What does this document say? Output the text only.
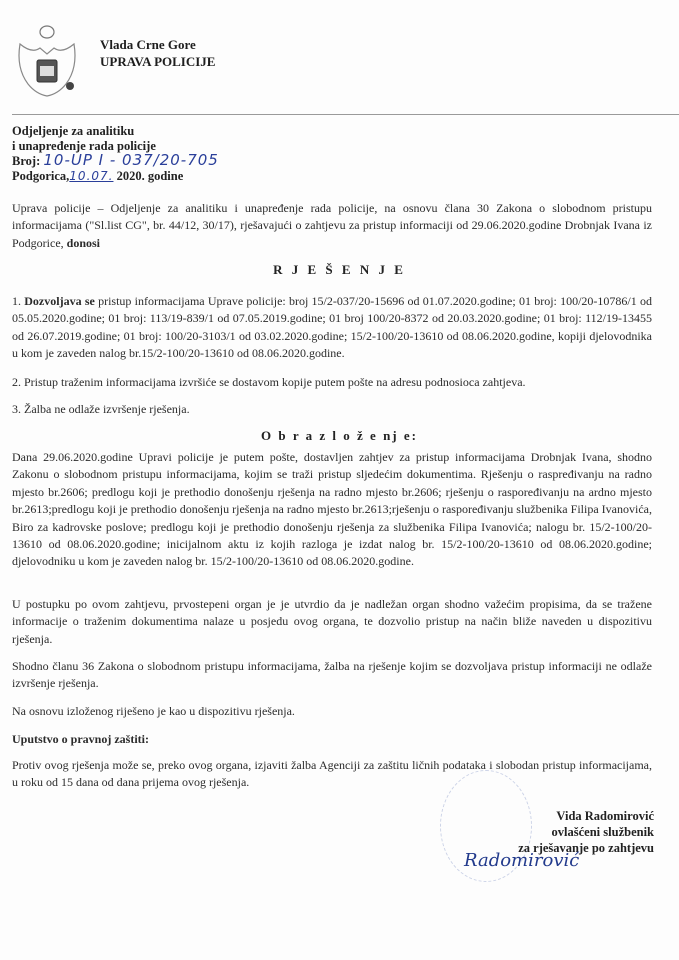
Vlada Crne Gore
UPRAVA POLICIJE
Odjeljenje za analitiku
i unapređenje rada policije
Broj: 10-UP I - 037/20-705
Podgorica,10.07. 2020. godine
Uprava policije – Odjeljenje za analitiku i unapređenje rada policije, na osnovu člana 30 Zakona o slobodnom pristupu informacijama ("Sl.list CG", br. 44/12, 30/17), rješavajući o zahtjevu za pristup informaciji od 29.06.2020.godine Drobnjak Ivana iz Podgorice, donosi
R J E Š E N J E
1. Dozvoljava se pristup informacijama Uprave policije: broj 15/2-037/20-15696 od 01.07.2020.godine; 01 broj: 100/20-10786/1 od 05.05.2020.godine; 01 broj: 113/19-839/1 od 07.05.2019.godine; 01 broj 100/20-8372 od 20.03.2020.godine; 01 broj: 112/19-13455 od 26.07.2019.godine; 01 broj: 100/20-3103/1 od 03.02.2020.godine; 15/2-100/20-13610 od 08.06.2020.godine, kopiji djelovodnika u kom je zaveden nalog br.15/2-100/20-13610 od 08.06.2020.godine.
2. Pristup traženim informacijama izvršiće se dostavom kopije putem pošte na adresu podnosioca zahtjeva.
3. Žalba ne odlaže izvršenje rješenja.
O b r a z l o ž e nj e:
Dana 29.06.2020.godine Upravi policije je putem pošte, dostavljen zahtjev za pristup informacijama Drobnjak Ivana, shodno Zakonu o slobodnom pristupu informacijama, kojim se traži pristup sljedećim dokumentima. Rješenju o raspređivanju na radno mjesto br.2606; predlogu koji je prethodio donošenju rješenja na radno mjesto br.2606; rješenju o raspoređivanju na ardno mjesto br.2613;predlogu koji je prethodio donošenju rješenja na radno mjesto br.2613;rješenju o raspoređivanju službenika Filipa Ivanovića, Biro za kadrovske poslove; predlogu koji je prethodio donošenju rješenja za službenika Filipa Ivanovića; nalogu br. 15/2-100/20-13610 od 08.06.2020.godine; inicijalnom aktu iz kojih razloga je izdat nalog br. 15/2-100/20-13610 od 08.06.2020.godine; djelovodniku u kom je zaveden nalog br. 15/2-100/20-13610 od 08.06.2020.godine.
U postupku po ovom zahtjevu, prvostepeni organ je je utvrdio da je nadležan organ shodno važećim propisima, da se tražene informacije o traženim dokumentima nalaze u posjedu ovog organa, te dozvolio pristup na način bliže naveden u dispozitivu rješenja.
Shodno članu 36 Zakona o slobodnom pristupu informacijama, žalba na rješenje kojim se dozvoljava pristup informaciji ne odlaže izvršenje rješenja.
Na osnovu izloženog riješeno je kao u dispozitivu rješenja.
Uputstvo o pravnoj zaštiti:
Protiv ovog rješenja može se, preko ovog organa, izjaviti žalba Agenciji za zaštitu ličnih podataka i slobodan pristup informacijama, u roku od 15 dana od dana prijema ovog rješenja.
Vida Radomirović
ovlašćeni službenik
za rješavanje po zahtjevu
Radomirović
